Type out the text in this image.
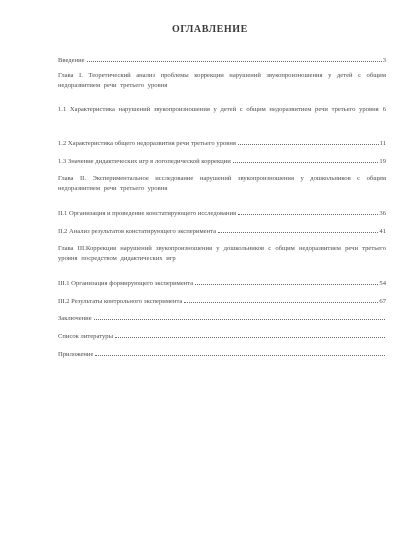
ОГЛАВЛЕНИЕ
Введение	3
Глава I. Теоретический анализ проблемы коррекции нарушений звукопроизношения у детей с общим недоразвитием речи третьего уровня
1.1 Характеристика нарушений звукопроизношения у детей с общим недоразвитием речи третьего уровня 6
1.2 Характеристика общего недоразвития речи третьего уровня	11
1.3 Значение дидактических игр в логопедической коррекции	19
Глава II. Экспериментальное исследование нарушений звукопроизношения у дошкольников с общим недоразвитием речи третьего уровня
II.1 Организация и проведение констатирующего исследования	36
II.2 Анализ результатов констатирующего эксперимента	41
Глава III.Коррекция нарушений звукопроизношения у дошкольников с общим недоразвитием речи третьего уровня посредством дидактических игр
III.1 Организация формирующего эксперимента	54
III.2 Результаты контрольного эксперимента	67
Заключение
Список литературы
Приложение
